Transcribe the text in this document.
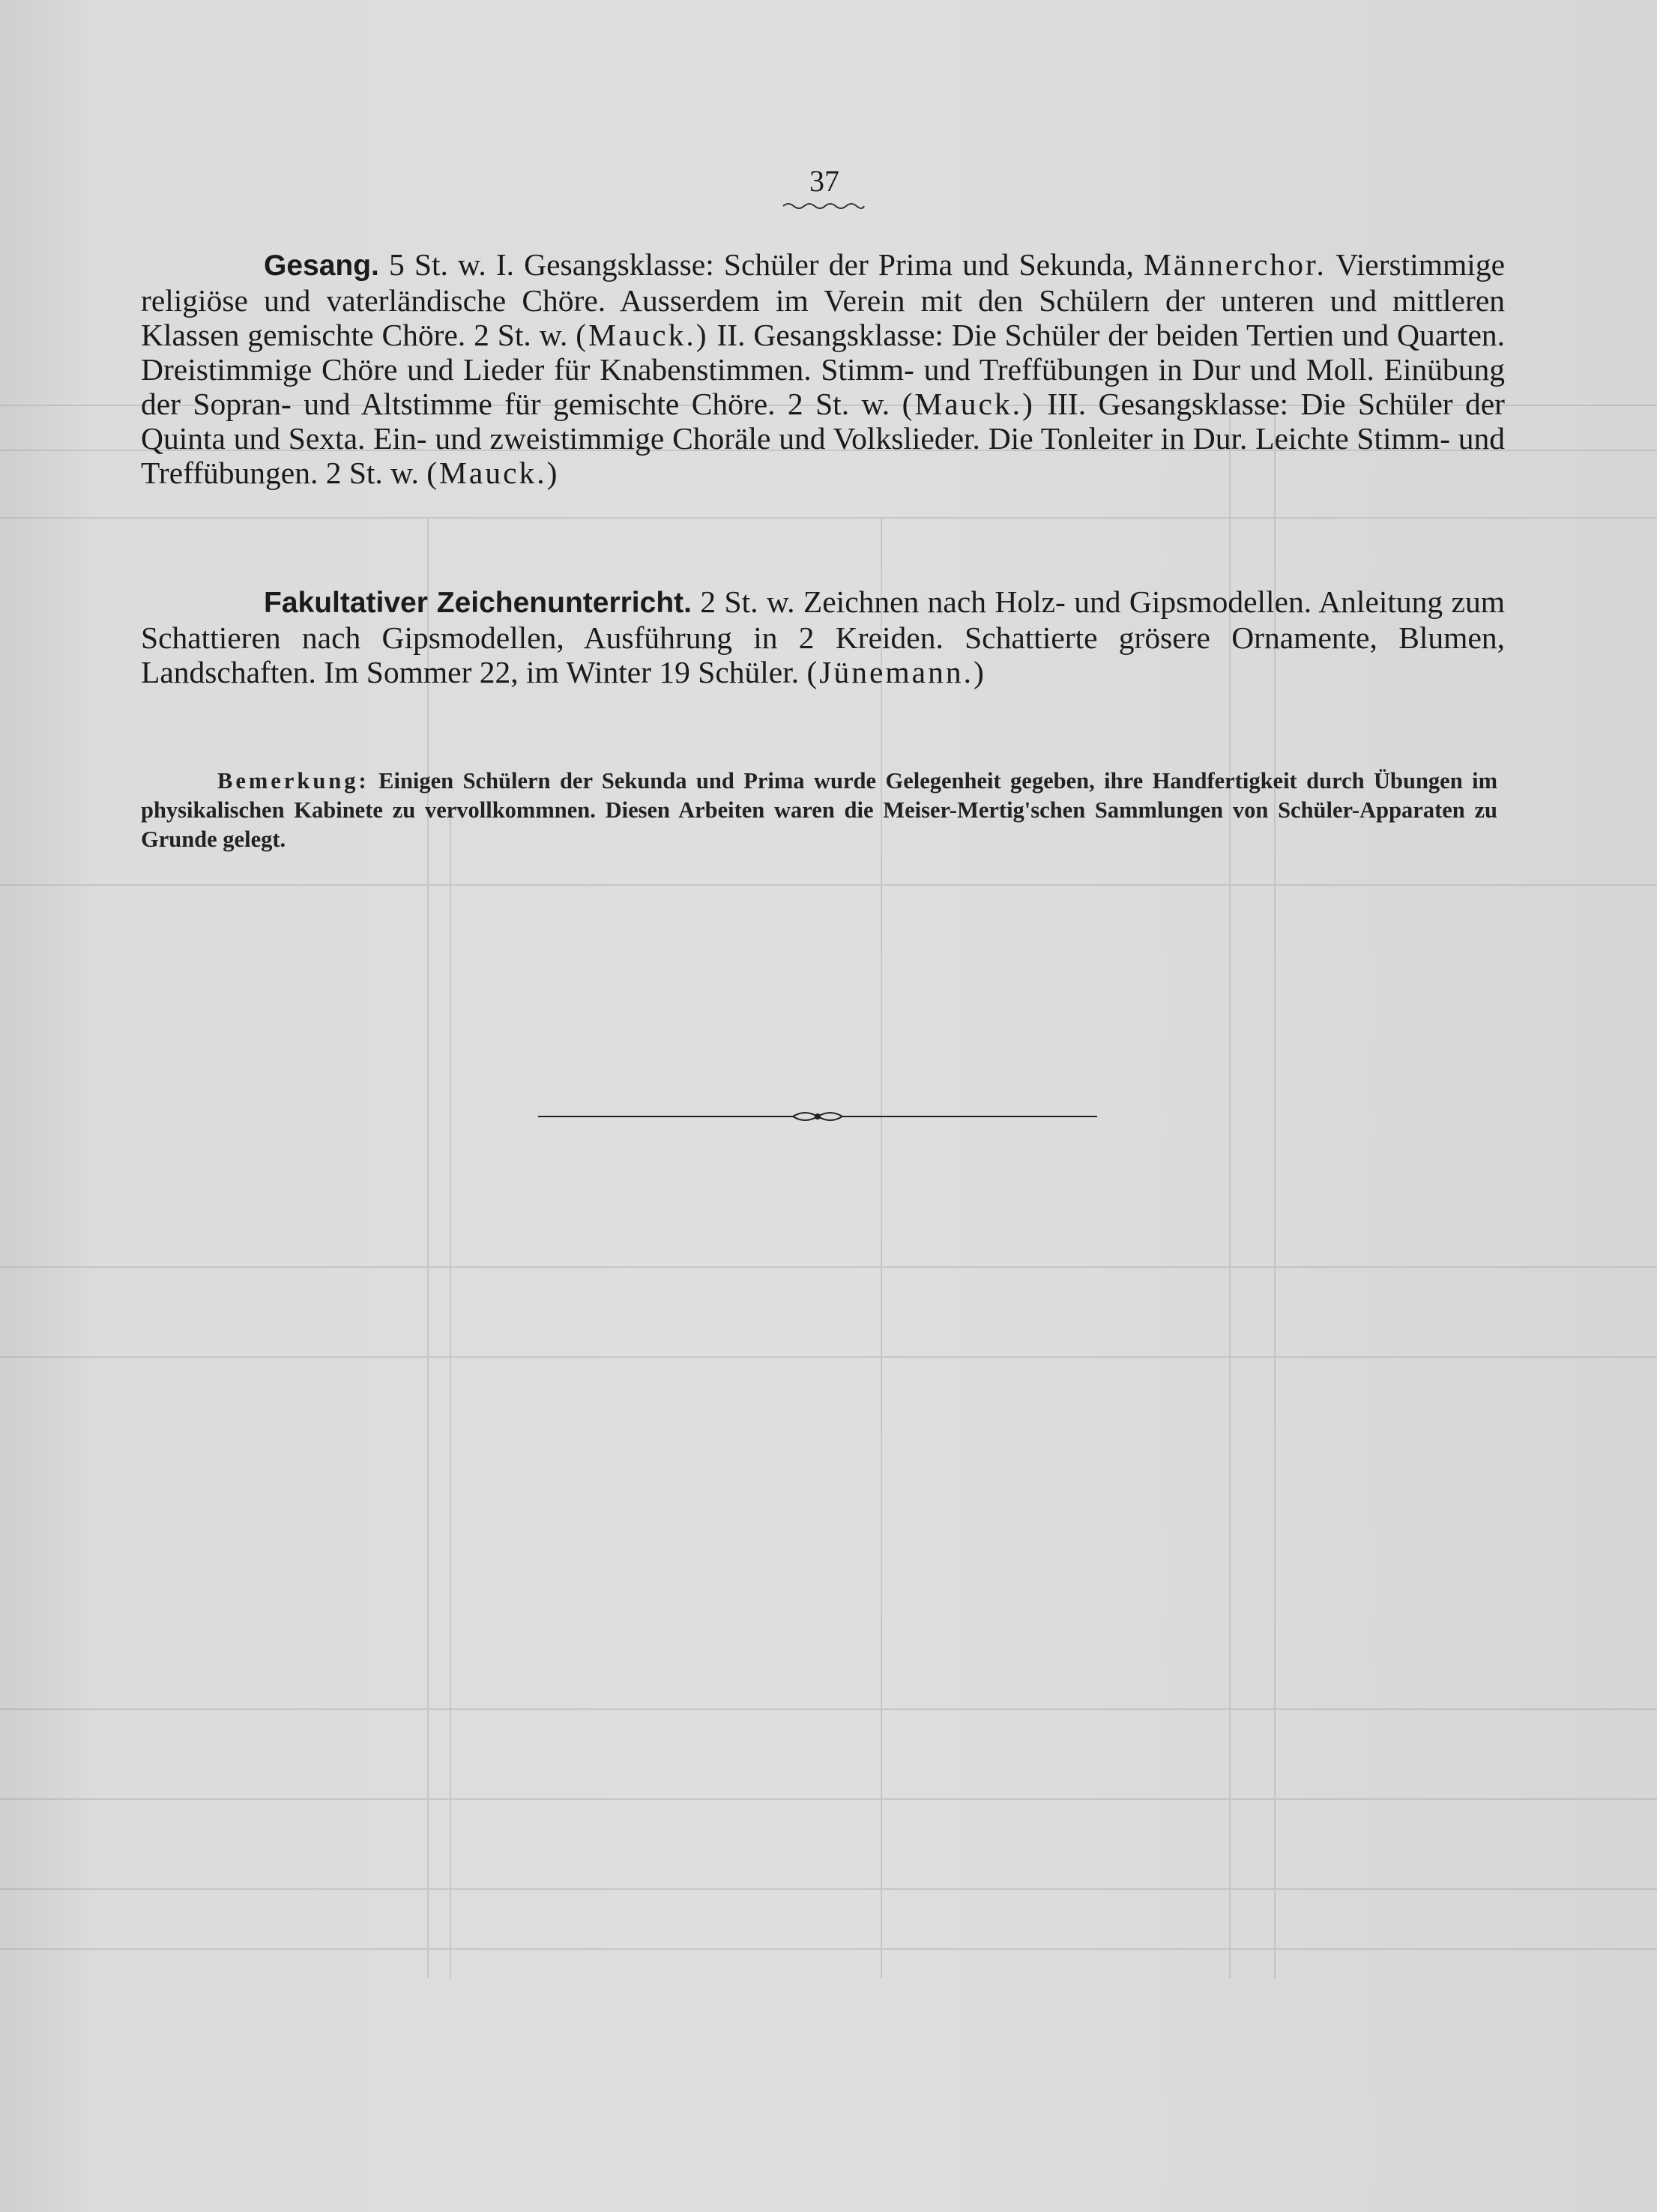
37
Gesang. 5 St. w. I. Gesangsklasse: Schüler der Prima und Sekunda, Männerchor. Vierstimmige religiöse und vaterländische Chöre. Ausserdem im Verein mit den Schülern der unteren und mittleren Klassen gemischte Chöre. 2 St. w. (Mauck.) II. Gesangsklasse: Die Schüler der beiden Tertien und Quarten. Dreistimmige Chöre und Lieder für Knabenstimmen. Stimm- und Treffübungen in Dur und Moll. Einübung der Sopran- und Altstimme für gemischte Chöre. 2 St. w. (Mauck.) III. Gesangsklasse: Die Schüler der Quinta und Sexta. Ein- und zweistimmige Choräle und Volkslieder. Die Tonleiter in Dur. Leichte Stimm- und Treffübungen. 2 St. w. (Mauck.)
Fakultativer Zeichenunterricht. 2 St. w. Zeichnen nach Holz- und Gipsmodellen. Anleitung zum Schattieren nach Gipsmodellen, Ausführung in 2 Kreiden. Schattierte grösere Ornamente, Blumen, Landschaften. Im Sommer 22, im Winter 19 Schüler. (Jünemann.)
Bemerkung: Einigen Schülern der Sekunda und Prima wurde Gelegenheit gegeben, ihre Handfertigkeit durch Übungen im physikalischen Kabinete zu vervollkommnen. Diesen Arbeiten waren die Meiser-Mertig'schen Sammlungen von Schüler-Apparaten zu Grunde gelegt.
